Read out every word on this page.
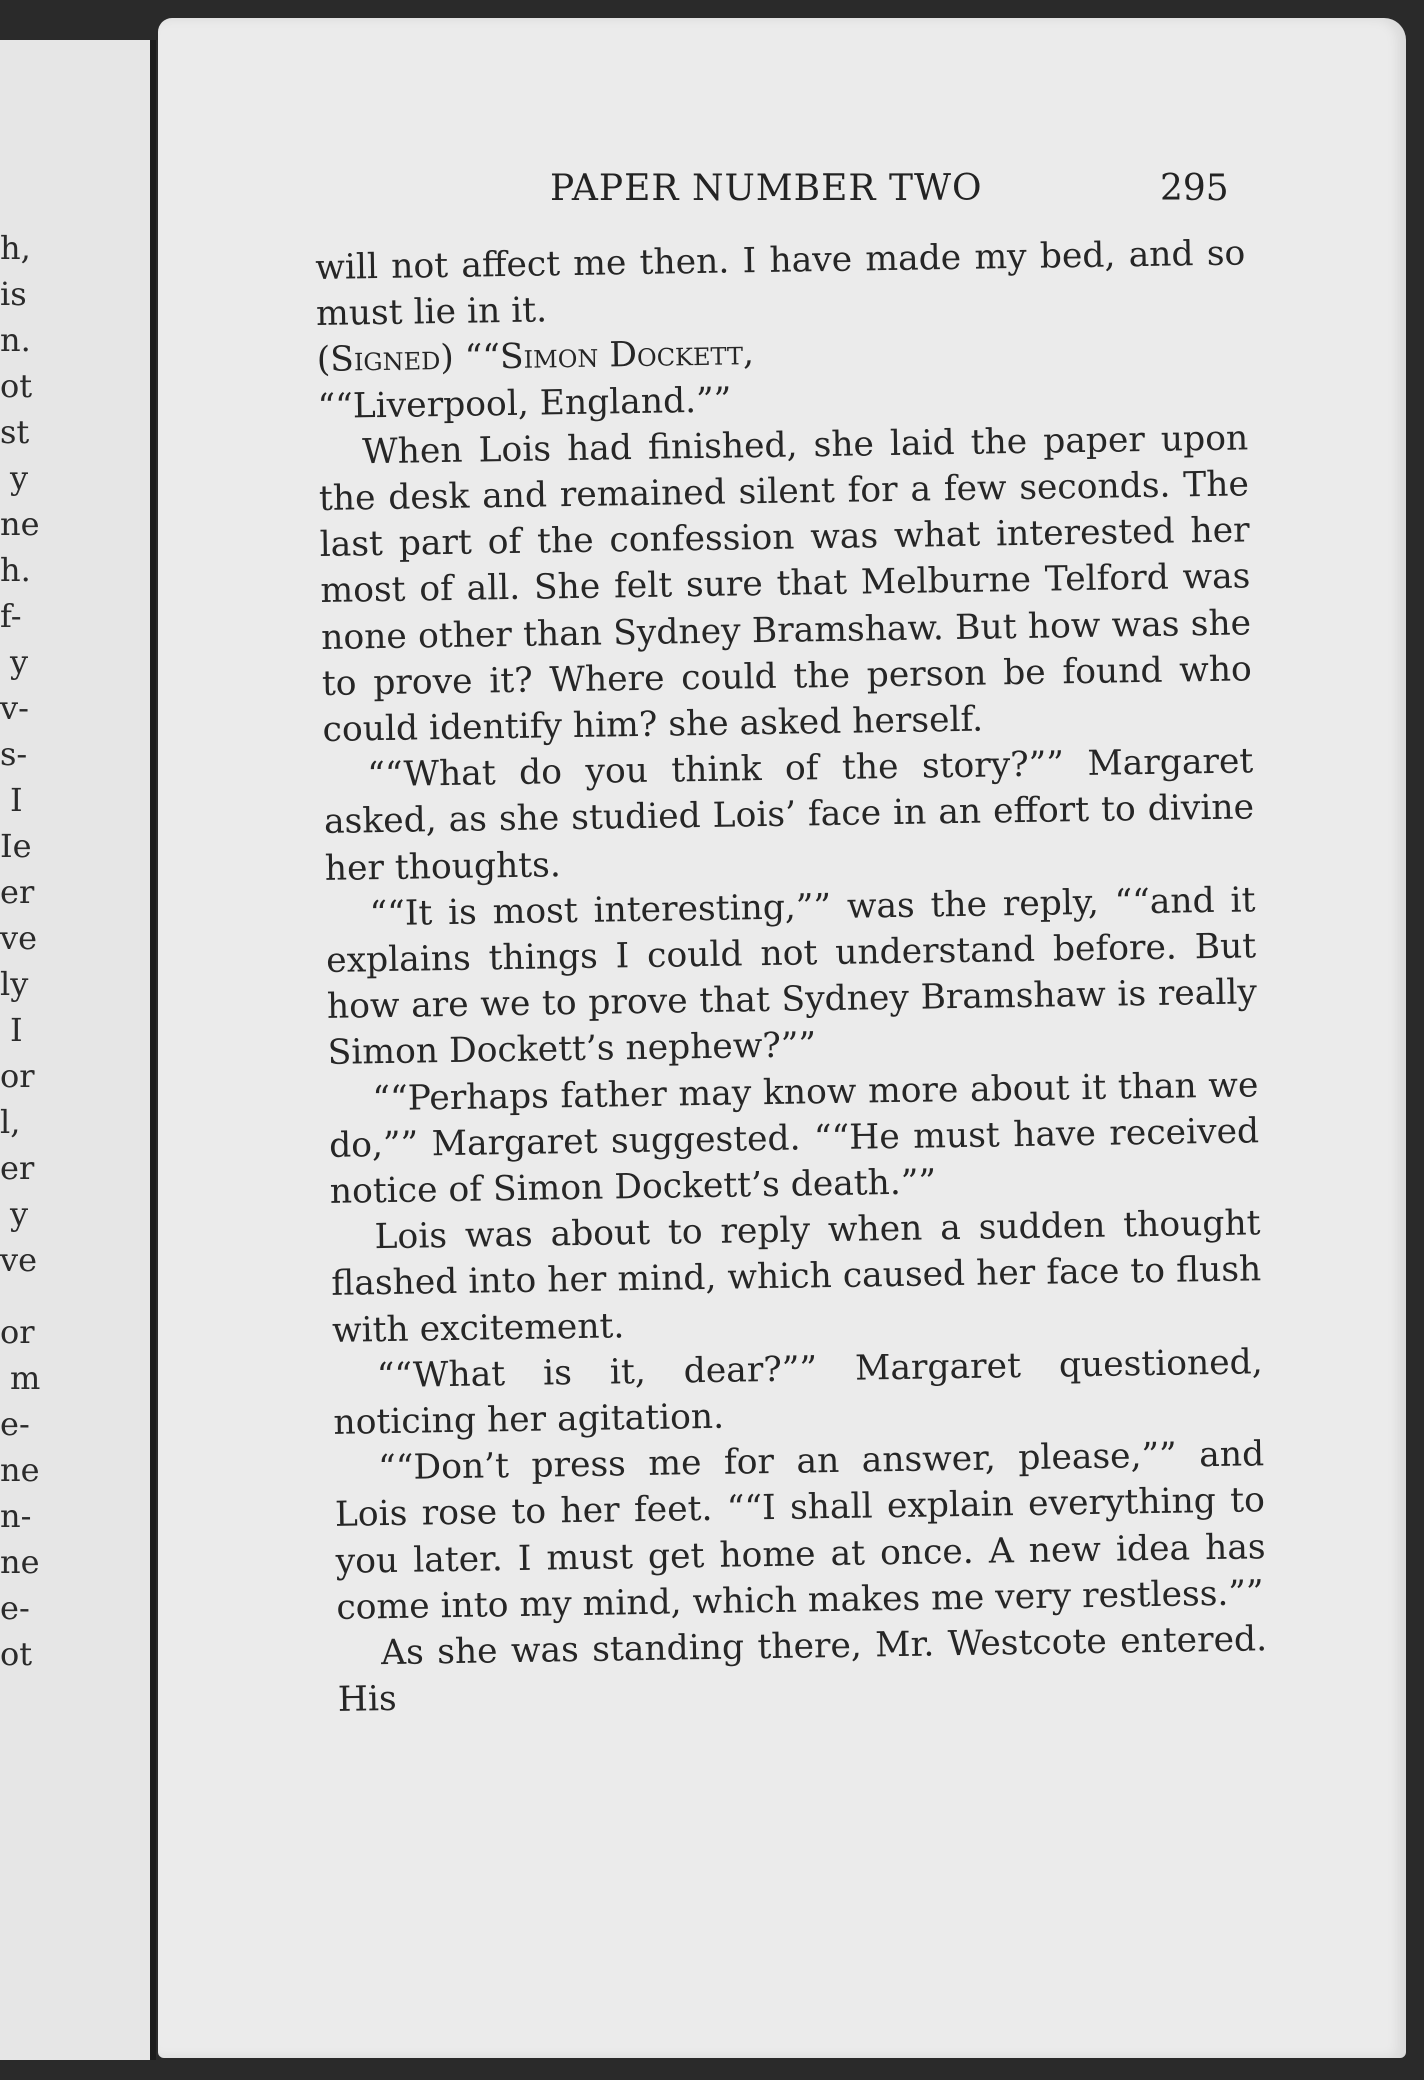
h,
is
n.
ot
st
y
ne
h.
f-
y
v-
s-
I
Ie
er
ve
ly
I
or
l,
er
y
ve
or
m
e-
ne
n-
ne
e-
ot
PAPER NUMBER TWO	295

will not affect me then. I have made my bed, and so must lie in it.

(Signed) ““Simon Dockett,

““Liverpool, England.””

When Lois had finished, she laid the paper upon the desk and remained silent for a few seconds. The last part of the confession was what interested her most of all. She felt sure that Melburne Telford was none other than Sydney Bramshaw. But how was she to prove it? Where could the person be found who could identify him? she asked herself.

““What do you think of the story?”” Margaret asked, as she studied Lois’ face in an effort to divine her thoughts.

““It is most interesting,”” was the reply, ““and it explains things I could not understand before. But how are we to prove that Sydney Bramshaw is really Simon Dockett’s nephew?””

““Perhaps father may know more about it than we do,”” Margaret suggested. ““He must have received notice of Simon Dockett’s death.””

Lois was about to reply when a sudden thought flashed into her mind, which caused her face to flush with excitement.

““What is it, dear?”” Margaret questioned, noticing her agitation.

““Don’t press me for an answer, please,”” and Lois rose to her feet. ““I shall explain everything to you later. I must get home at once. A new idea has come into my mind, which makes me very restless.””

As she was standing there, Mr. Westcote entered. His
